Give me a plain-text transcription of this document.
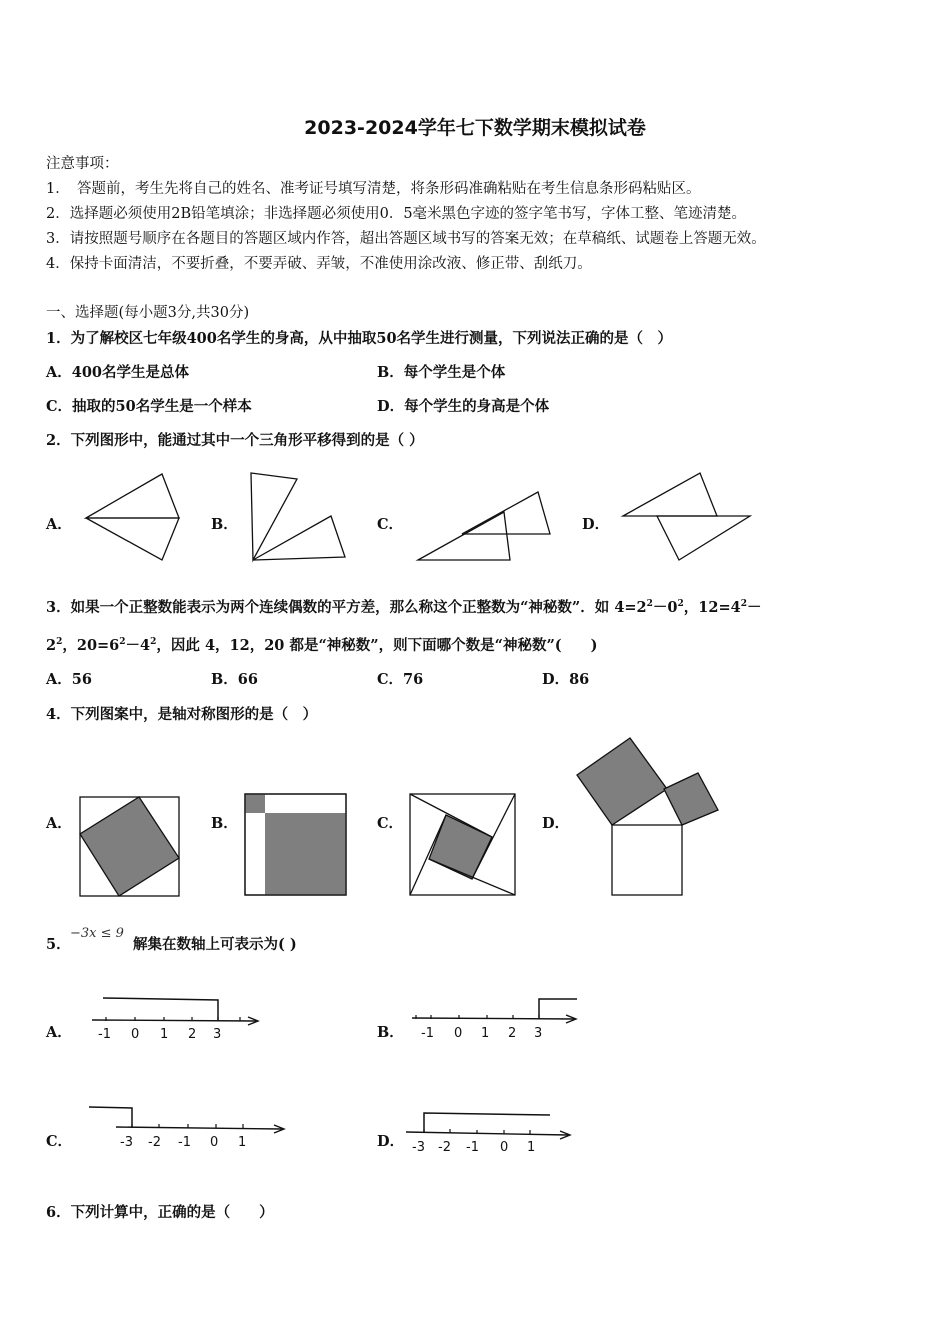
2023-2024学年七下数学期末模拟试卷
注意事项：
1．　答题前，考生先将自己的姓名、准考证号填写清楚，将条形码准确粘贴在考生信息条形码粘贴区。
2．选择题必须使用2B铅笔填涂；非选择题必须使用0．5毫米黑色字迹的签字笔书写，字体工整、笔迹清楚。
3．请按照题号顺序在各题目的答题区域内作答，超出答题区域书写的答案无效；在草稿纸、试题卷上答题无效。
4．保持卡面清洁，不要折叠，不要弄破、弄皱，不准使用涂改液、修正带、刮纸刀。
一、选择题(每小题3分,共30分)
1．为了解校区七年级400名学生的身高，从中抽取50名学生进行测量，下列说法正确的是（　）
A．400名学生是总体	B．每个学生是个体
C．抽取的50名学生是一个样本	D．每个学生的身高是个体
2．下列图形中，能通过其中一个三角形平移得到的是（ ）
A．	B．	C．	D．
3．如果一个正整数能表示为两个连续偶数的平方差，那么称这个正整数为“神秘数”．如 $4=2^2-0^2$，$12=4^2-$
$2^2$，$20=6^2-4^2$，因此 4，12，20 都是“神秘数”，则下面哪个数是“神秘数”(　　)
A．56	B．66	C．76	D．86
4．下列图案中，是轴对称图形的是（　）
A．	B．	C．	D．
5．
−3x ≤ 9
解集在数轴上可表示为( )
A．	B．
C．	D．
-1 0 1 2 3	-1 0 1 2 3
-3 -2 -1 0 1	-3 -2 -1 0 1
6．下列计算中，正确的是（　　）
